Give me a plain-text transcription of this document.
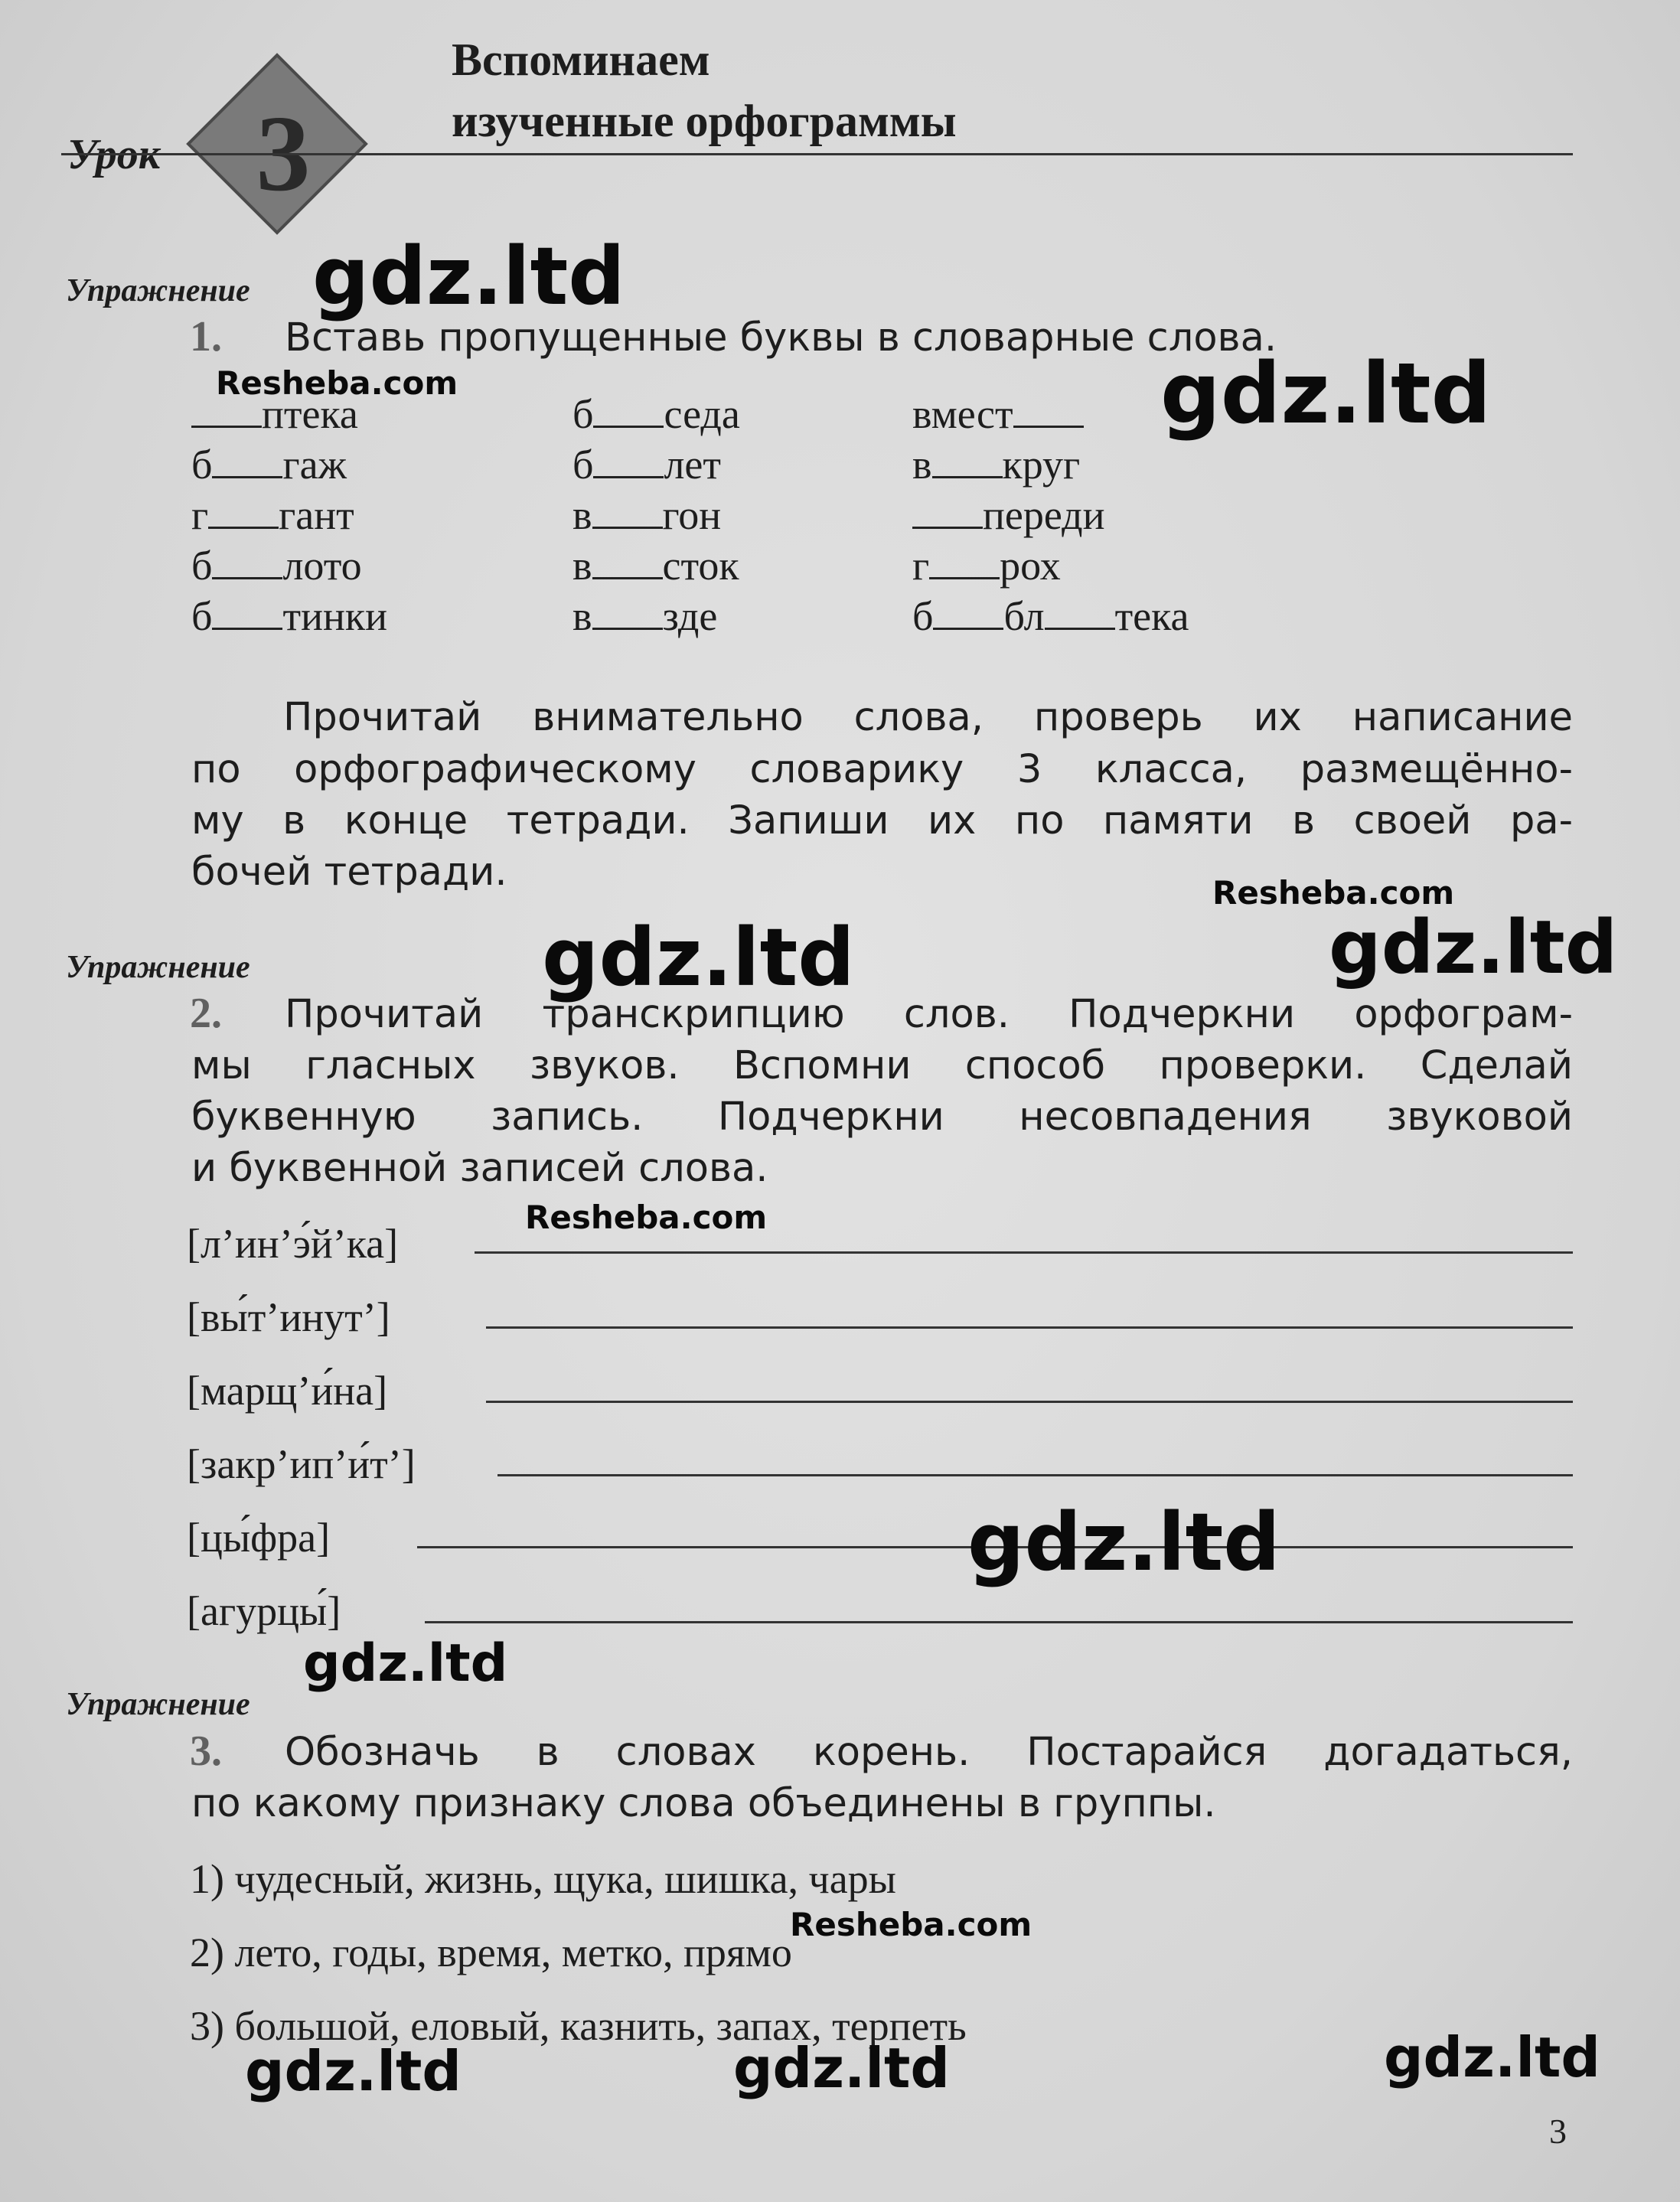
Урок 3
Вспоминаем
изученные орфограммы
Упражнение
1. Вставь пропущенные буквы в словарные слова.
птека	б седа	вмест
б гаж	б лет	в круг
г гант	в гон	переди
б лото	в сток	г рох
б тинки	в зде	б бл тека
Прочитай внимательно слова, проверь их написание
по орфографическому словарику 3 класса, размещённо-
му в конце тетради. Запиши их по памяти в своей ра-
бочей тетради.
Упражнение
2. Прочитай транскрипцию слов. Подчеркни орфограм-
мы гласных звуков. Вспомни способ проверки. Сделай
буквенную запись. Подчеркни несовпадения звуковой
и буквенной записей слова.
[л’ин’э́й’ка]
[вы́т’инут’]
[марщ’и́на]
[закр’ип’и́т’]
[цы́фра]
[агурцы́]
Упражнение
3. Обозначь в словах корень. Постарайся догадаться,
по какому признаку слова объединены в группы.
1) чудесный, жизнь, щука, шишка, чары
2) лето, годы, время, метко, прямо
3) большой, еловый, казнить, запах, терпеть
3
gdz.ltd
gdz.ltd
Resheba.com
Resheba.com
gdz.ltd	gdz.ltd
Resheba.com
gdz.ltd
gdz.ltd
Resheba.com
gdz.ltd	gdz.ltd	gdz.ltd
